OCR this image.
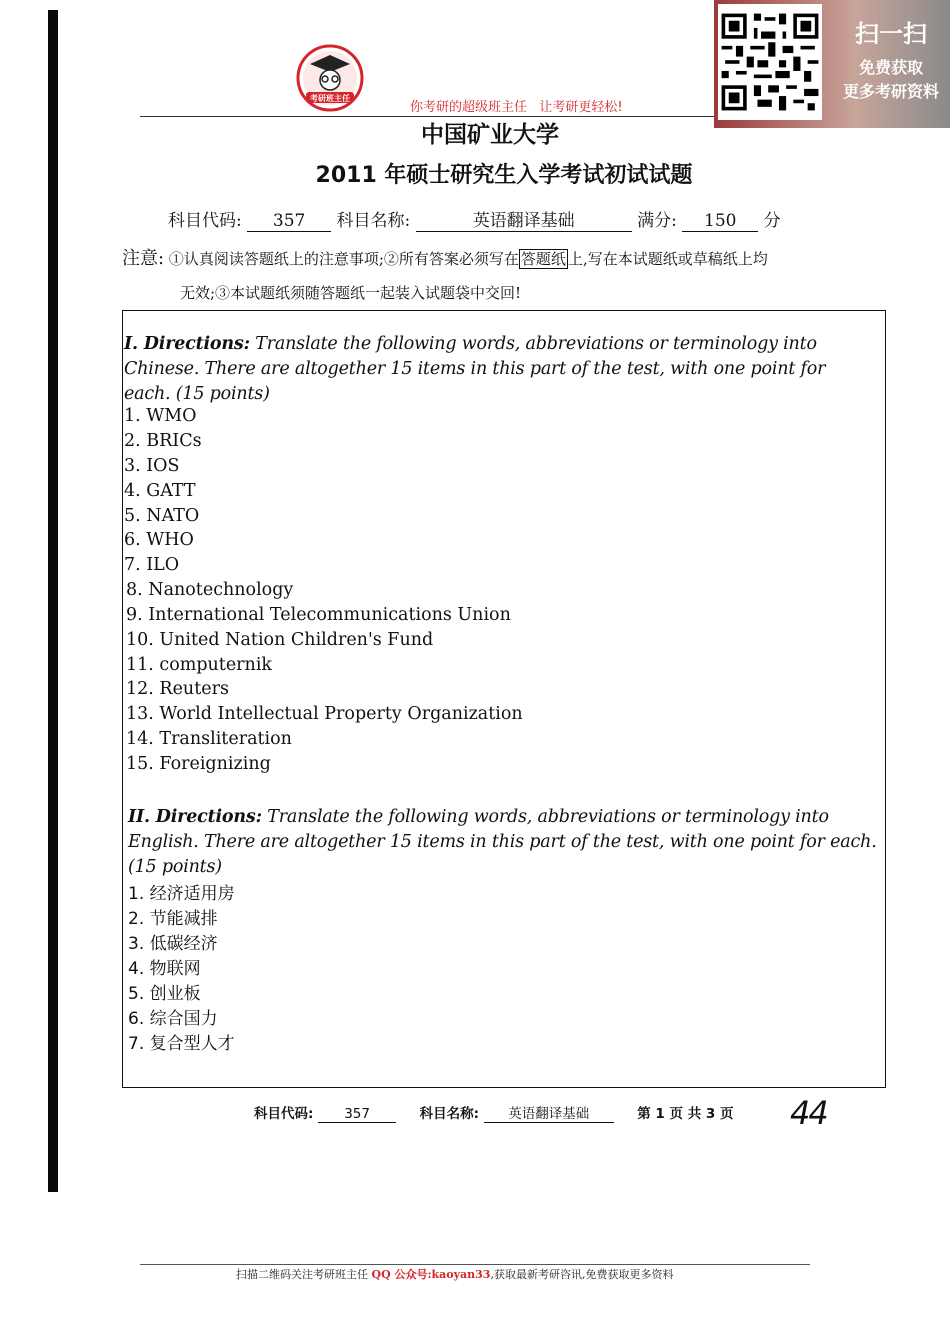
考研班主任
你考研的超级班主任   让考研更轻松!
扫一扫
免费获取
更多考研资料
中国矿业大学
2011 年硕士研究生入学考试初试试题
科目代码: 357 科目名称:	英语翻译基础	满分: 150 分
注意: ①认真阅读答题纸上的注意事项;②所有答案必须写在 答题纸 上,写在本试题纸或草稿纸上均
无效;③本试题纸须随答题纸一起装入试题袋中交回!
I. Directions: Translate the following words, abbreviations or terminology into Chinese. There are altogether 15 items in this part of the test, with one point for each. (15 points)
1. WMO
2. BRICs
3. IOS
4. GATT
5. NATO
6. WHO
7. ILO
8. Nanotechnology
9. International Telecommunications Union
10. United Nation Children's Fund
11. computernik
12. Reuters
13. World Intellectual Property Organization
14. Transliteration
15. Foreignizing
II. Directions: Translate the following words, abbreviations or terminology into English. There are altogether 15 items in this part of the test, with one point for each. (15 points)
1. 经济适用房
2. 节能减排
3. 低碳经济
4. 物联网
5. 创业板
6. 综合国力
7. 复合型人才
科目代码: 357	科目名称: 英语翻译基础	第 1 页 共 3 页 44
扫描二维码关注考研班主任 QQ 公众号:kaoyan33,获取最新考研咨讯,免费获取更多资料
